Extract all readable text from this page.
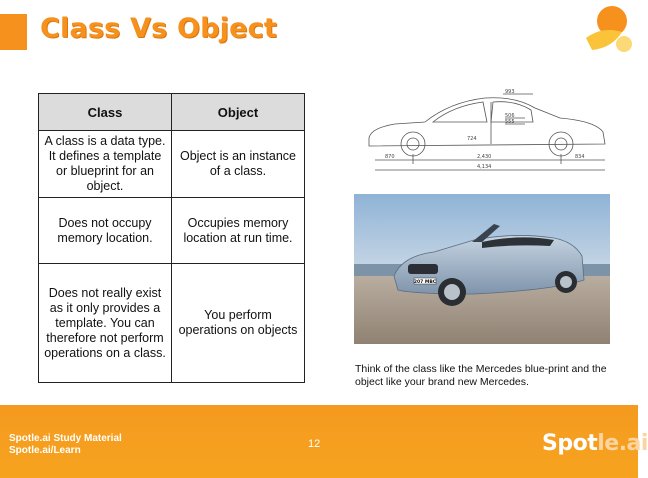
Class Vs Object
Class	Object
A class is a data type. It defines a template or blueprint for an object.	Object is an instance of a class.
Does not occupy memory location.	Occupies memory location at run time.
Does not really exist as it only provides a template. You can therefore not perform operations on a class.	You perform operations on objects
993
506
555
724
870	2,430	834
4,134
207 MBC
Think of the class like the Mercedes blue-print and the object like your brand new Mercedes.
Spotle.ai Study Material
Spotle.ai/Learn
12	Spotle.ai
